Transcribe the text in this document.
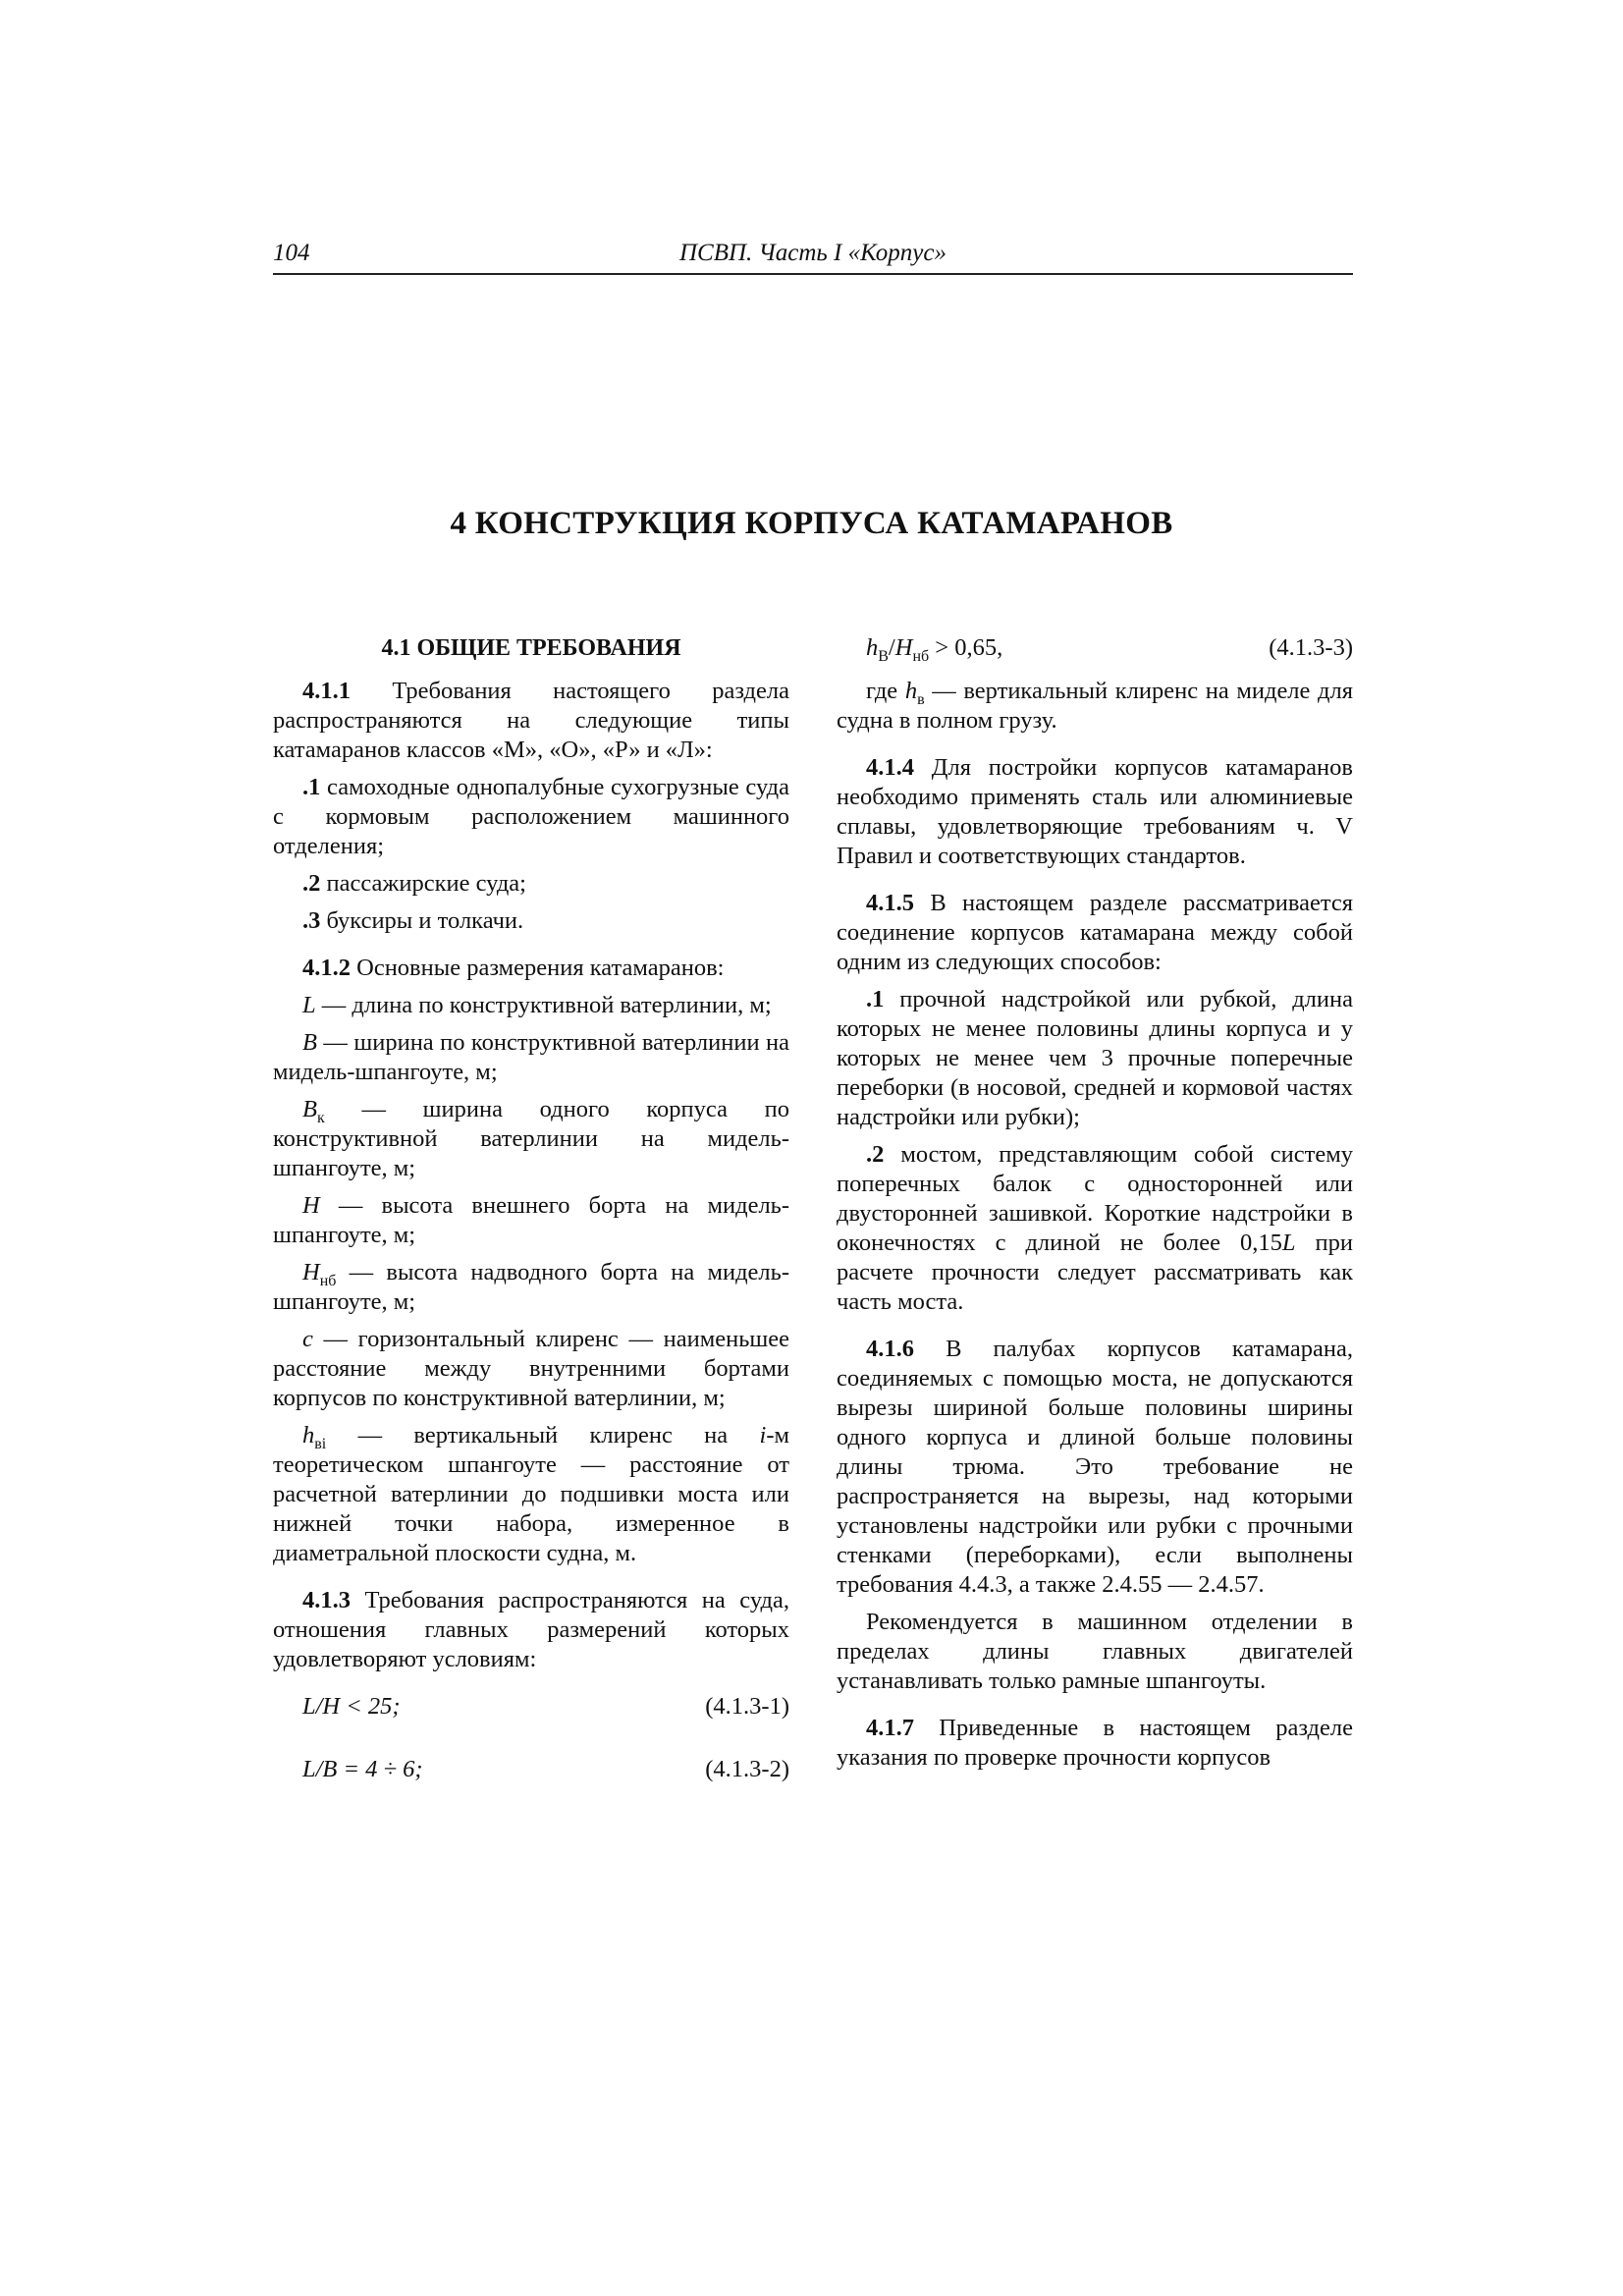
104	ПСВП. Часть I «Корпус»
4 КОНСТРУКЦИЯ КОРПУСА КАТАМАРАНОВ
4.1 ОБЩИЕ ТРЕБОВАНИЯ
4.1.1 Требования настоящего раздела распространяются на следующие типы катамаранов классов «М», «О», «Р» и «Л»:
.1 самоходные однопалубные сухогрузные суда с кормовым расположением машинного отделения;
.2 пассажирские суда;
.3 буксиры и толкачи.
4.1.2 Основные размерения катамаранов:
L — длина по конструктивной ватерлинии, м;
B — ширина по конструктивной ватерлинии на мидель-шпангоуте, м;
$B_к$ — ширина одного корпуса по конструктивной ватерлинии на мидель-шпангоуте, м;
H — высота внешнего борта на мидель-шпангоуте, м;
$H_{нб}$ — высота надводного борта на мидель-шпангоуте, м;
c — горизонтальный клиренс — наименьшее расстояние между внутренними бортами корпусов по конструктивной ватерлинии, м;
$h_{вi}$ — вертикальный клиренс на i-м теоретическом шпангоуте — расстояние от расчетной ватерлинии до подшивки моста или нижней точки набора, измеренное в диаметральной плоскости судна, м.
4.1.3 Требования распространяются на суда, отношения главных размерений которых удовлетворяют условиям:
L/H < 25;	(4.1.3-1)
L/B = 4 ÷ 6;	(4.1.3-2)
$h_В/H_{нб} > 0,65$,	(4.1.3-3)
где $h_в$ — вертикальный клиренс на миделе для судна в полном грузу.
4.1.4 Для постройки корпусов катамаранов необходимо применять сталь или алюминиевые сплавы, удовлетворяющие требованиям ч. V Правил и соответствующих стандартов.
4.1.5 В настоящем разделе рассматривается соединение корпусов катамарана между собой одним из следующих способов:
.1 прочной надстройкой или рубкой, длина которых не менее половины длины корпуса и у которых не менее чем 3 прочные поперечные переборки (в носовой, средней и кормовой частях надстройки или рубки);
.2 мостом, представляющим собой систему поперечных балок с односторонней или двусторонней зашивкой. Короткие надстройки в оконечностях с длиной не более 0,15L при расчете прочности следует рассматривать как часть моста.
4.1.6 В палубах корпусов катамарана, соединяемых с помощью моста, не допускаются вырезы шириной больше половины ширины одного корпуса и длиной больше половины длины трюма. Это требование не распространяется на вырезы, над которыми установлены надстройки или рубки с прочными стенками (переборками), если выполнены требования 4.4.3, а также 2.4.55 — 2.4.57.
Рекомендуется в машинном отделении в пределах длины главных двигателей устанавливать только рамные шпангоуты.
4.1.7 Приведенные в настоящем разделе указания по проверке прочности корпусов
